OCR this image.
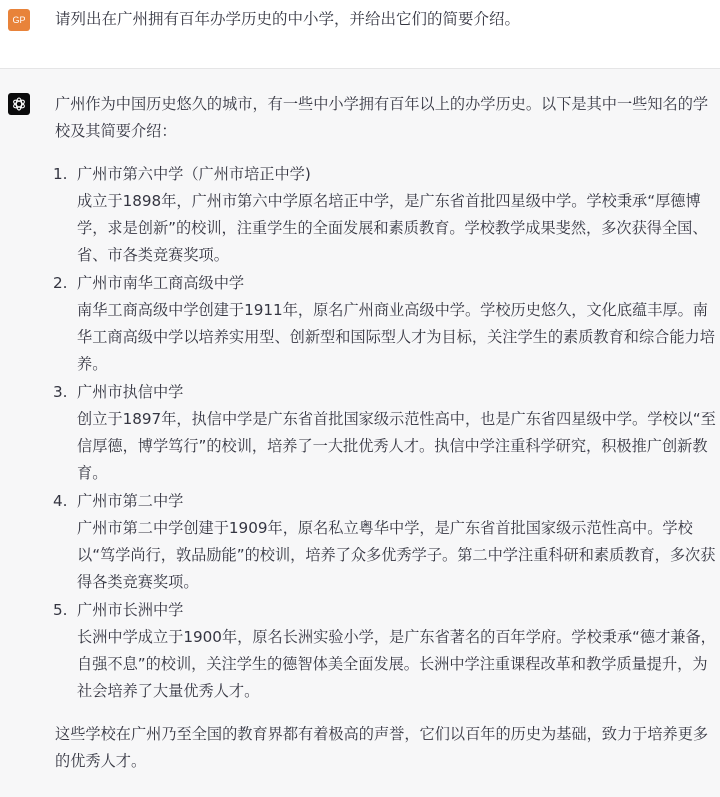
GP 请列出在广州拥有百年办学历史的中小学，并给出它们的简要介绍。

广州作为中国历史悠久的城市，有一些中小学拥有百年以上的办学历史。以下是其中一些知名的学校及其简要介绍：

1. 广州市第六中学（广州市培正中学)
成立于1898年，广州市第六中学原名培正中学，是广东省首批四星级中学。学校秉承“厚德博学，求是创新”的校训，注重学生的全面发展和素质教育。学校教学成果斐然，多次获得全国、省、市各类竞赛奖项。
2. 广州市南华工商高级中学
南华工商高级中学创建于1911年，原名广州商业高级中学。学校历史悠久，文化底蕴丰厚。南华工商高级中学以培养实用型、创新型和国际型人才为目标，关注学生的素质教育和综合能力培养。
3. 广州市执信中学
创立于1897年，执信中学是广东省首批国家级示范性高中，也是广东省四星级中学。学校以“至信厚德，博学笃行”的校训，培养了一大批优秀人才。执信中学注重科学研究，积极推广创新教育。
4. 广州市第二中学
广州市第二中学创建于1909年，原名私立粤华中学，是广东省首批国家级示范性高中。学校以“笃学尚行，敦品励能”的校训，培养了众多优秀学子。第二中学注重科研和素质教育，多次获得各类竞赛奖项。
5. 广州市长洲中学
长洲中学成立于1900年，原名长洲实验小学，是广东省著名的百年学府。学校秉承“德才兼备，自强不息”的校训，关注学生的德智体美全面发展。长洲中学注重课程改革和教学质量提升，为社会培养了大量优秀人才。

这些学校在广州乃至全国的教育界都有着极高的声誉，它们以百年的历史为基础，致力于培养更多的优秀人才。
